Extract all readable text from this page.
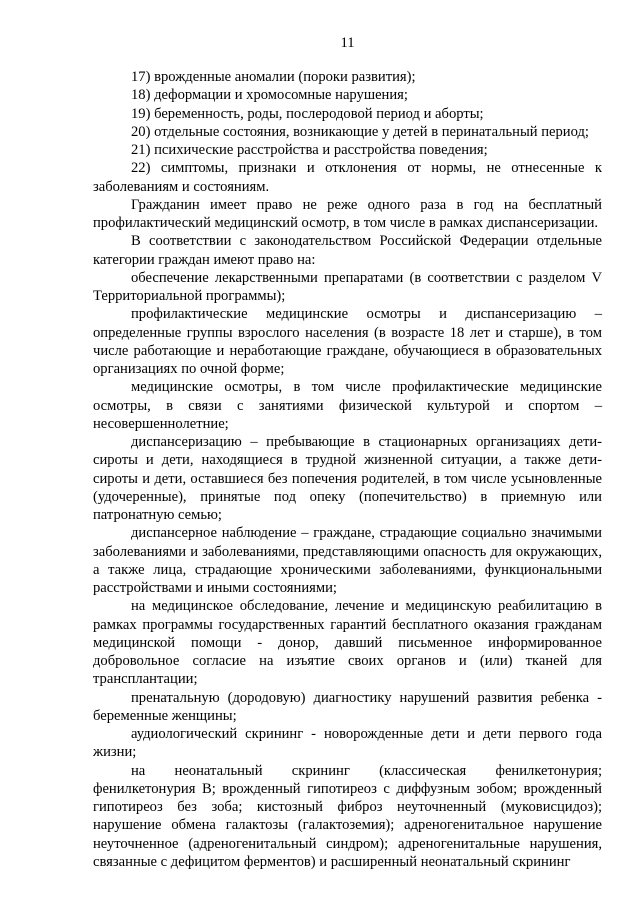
11

17) врожденные аномалии (пороки развития);

18) деформации и хромосомные нарушения;

19) беременность, роды, послеродовой период и аборты;

20) отдельные состояния, возникающие у детей в перинатальный период;

21) психические расстройства и расстройства поведения;

22) симптомы, признаки и отклонения от нормы, не отнесенные к заболеваниям и состояниям.

Гражданин имеет право не реже одного раза в год на бесплатный профилактический медицинский осмотр, в том числе в рамках диспансеризации.

В соответствии с законодательством Российской Федерации отдельные категории граждан имеют право на:

обеспечение лекарственными препаратами (в соответствии с разделом V Территориальной программы);

профилактические медицинские осмотры и диспансеризацию – определенные группы взрослого населения (в возрасте 18 лет и старше), в том числе работающие и неработающие граждане, обучающиеся в образовательных организациях по очной форме;

медицинские осмотры, в том числе профилактические медицинские осмотры, в связи с занятиями физической культурой и спортом – несовершеннолетние;

диспансеризацию – пребывающие в стационарных организациях дети-сироты и дети, находящиеся в трудной жизненной ситуации, а также дети-сироты и дети, оставшиеся без попечения родителей, в том числе усыновленные (удочеренные), принятые под опеку (попечительство) в приемную или патронатную семью;

диспансерное наблюдение – граждане, страдающие социально значимыми заболеваниями и заболеваниями, представляющими опасность для окружающих, а также лица, страдающие хроническими заболеваниями, функциональными расстройствами и иными состояниями;

на медицинское обследование, лечение и медицинскую реабилитацию в рамках программы государственных гарантий бесплатного оказания гражданам медицинской помощи - донор, давший письменное информированное добровольное согласие на изъятие своих органов и (или) тканей для трансплантации;

пренатальную (дородовую) диагностику нарушений развития ребенка - беременные женщины;

аудиологический скрининг - новорожденные дети и дети первого года жизни;

на неонатальный скрининг (классическая фенилкетонурия; фенилкетонурия B; врожденный гипотиреоз с диффузным зобом; врожденный гипотиреоз без зоба; кистозный фиброз неуточненный (муковисцидоз); нарушение обмена галактозы (галактоземия); адреногенитальное нарушение неуточненное (адреногенитальный синдром); адреногенитальные нарушения, связанные с дефицитом ферментов) и расширенный неонатальный скрининг
